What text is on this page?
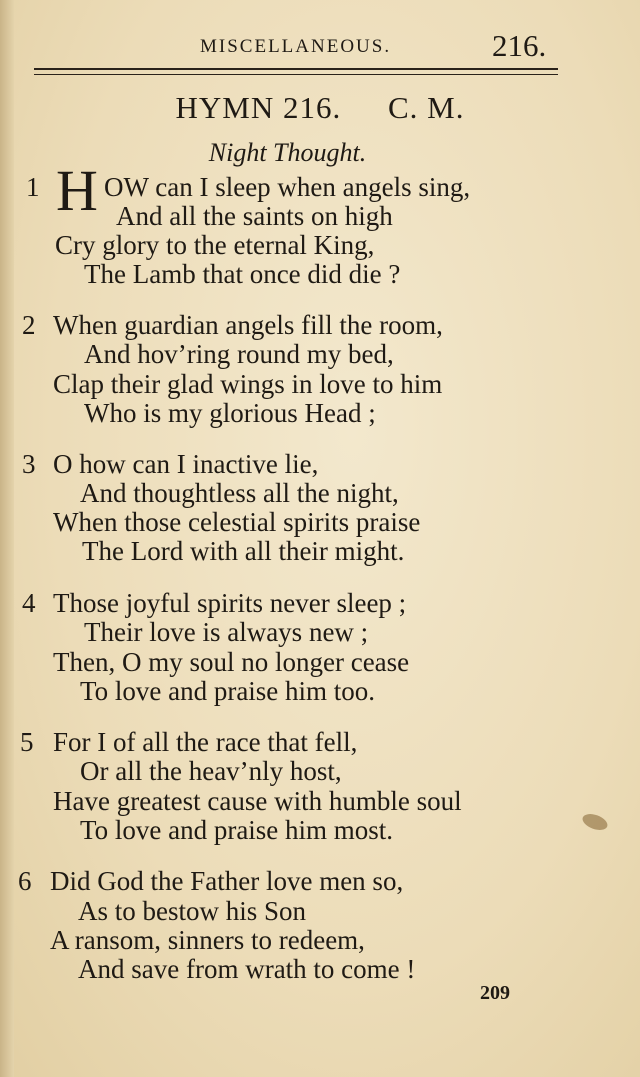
MISCELLANEOUS.	216.
HYMN 216. C. M.
Night Thought.
1 H OW can I sleep when angels sing,
And all the saints on high
Cry glory to the eternal King,
The Lamb that once did die ?
2 When guardian angels fill the room,
And hov’ring round my bed,
Clap their glad wings in love to him
Who is my glorious Head ;
3 O how can I inactive lie,
And thoughtless all the night,
When those celestial spirits praise
The Lord with all their might.
4 Those joyful spirits never sleep ;
Their love is always new ;
Then, O my soul no longer cease
To love and praise him too.
5 For I of all the race that fell,
Or all the heav’nly host,
Have greatest cause with humble soul
To love and praise him most.
6 Did God the Father love men so,
As to bestow his Son
A ransom, sinners to redeem,
And save from wrath to come !
209
